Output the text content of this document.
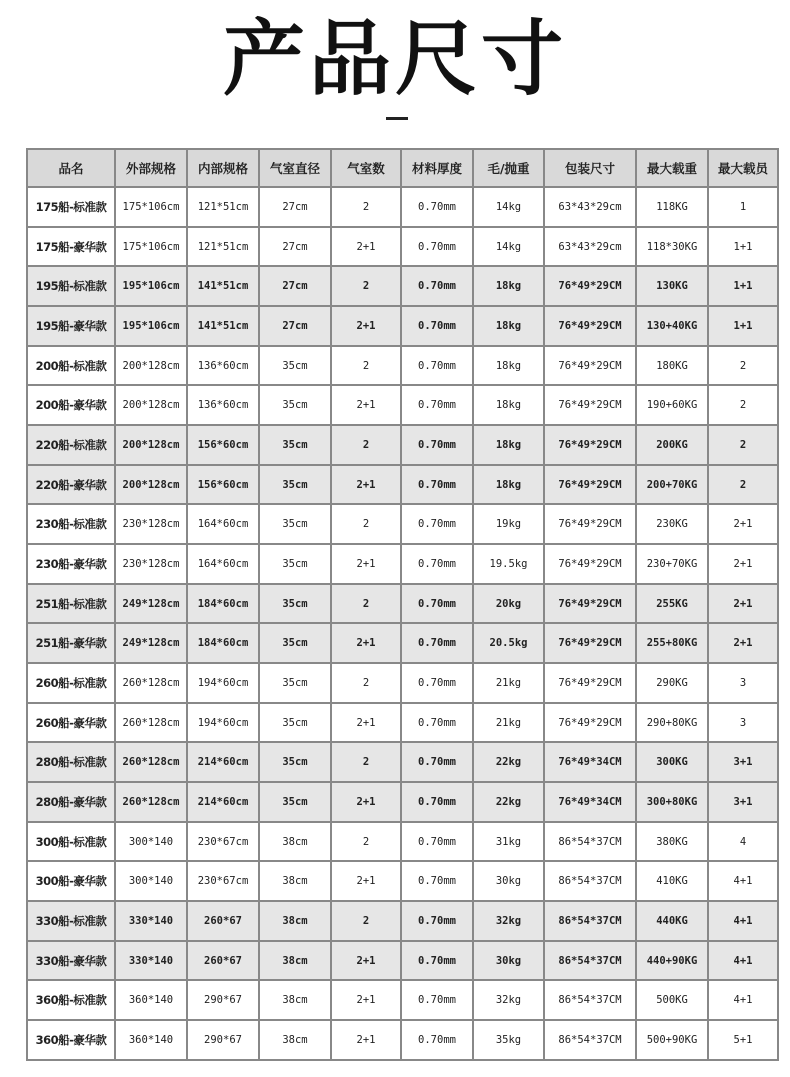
产品尺寸
品名	外部规格	内部规格	气室直径	气室数	材料厚度	毛/抛重	包装尺寸	最大载重	最大载员
175船-标准款	175*106cm	121*51cm	27cm	2	0.70mm	14kg	63*43*29cm	118KG	1
175船-豪华款	175*106cm	121*51cm	27cm	2+1	0.70mm	14kg	63*43*29cm	118*30KG	1+1
195船-标准款	195*106cm	141*51cm	27cm	2	0.70mm	18kg	76*49*29CM	130KG	1+1
195船-豪华款	195*106cm	141*51cm	27cm	2+1	0.70mm	18kg	76*49*29CM	130+40KG	1+1
200船-标准款	200*128cm	136*60cm	35cm	2	0.70mm	18kg	76*49*29CM	180KG	2
200船-豪华款	200*128cm	136*60cm	35cm	2+1	0.70mm	18kg	76*49*29CM	190+60KG	2
220船-标准款	200*128cm	156*60cm	35cm	2	0.70mm	18kg	76*49*29CM	200KG	2
220船-豪华款	200*128cm	156*60cm	35cm	2+1	0.70mm	18kg	76*49*29CM	200+70KG	2
230船-标准款	230*128cm	164*60cm	35cm	2	0.70mm	19kg	76*49*29CM	230KG	2+1
230船-豪华款	230*128cm	164*60cm	35cm	2+1	0.70mm	19.5kg	76*49*29CM	230+70KG	2+1
251船-标准款	249*128cm	184*60cm	35cm	2	0.70mm	20kg	76*49*29CM	255KG	2+1
251船-豪华款	249*128cm	184*60cm	35cm	2+1	0.70mm	20.5kg	76*49*29CM	255+80KG	2+1
260船-标准款	260*128cm	194*60cm	35cm	2	0.70mm	21kg	76*49*29CM	290KG	3
260船-豪华款	260*128cm	194*60cm	35cm	2+1	0.70mm	21kg	76*49*29CM	290+80KG	3
280船-标准款	260*128cm	214*60cm	35cm	2	0.70mm	22kg	76*49*34CM	300KG	3+1
280船-豪华款	260*128cm	214*60cm	35cm	2+1	0.70mm	22kg	76*49*34CM	300+80KG	3+1
300船-标准款	300*140	230*67cm	38cm	2	0.70mm	31kg	86*54*37CM	380KG	4
300船-豪华款	300*140	230*67cm	38cm	2+1	0.70mm	30kg	86*54*37CM	410KG	4+1
330船-标准款	330*140	260*67	38cm	2	0.70mm	32kg	86*54*37CM	440KG	4+1
330船-豪华款	330*140	260*67	38cm	2+1	0.70mm	30kg	86*54*37CM	440+90KG	4+1
360船-标准款	360*140	290*67	38cm	2+1	0.70mm	32kg	86*54*37CM	500KG	4+1
360船-豪华款	360*140	290*67	38cm	2+1	0.70mm	35kg	86*54*37CM	500+90KG	5+1
